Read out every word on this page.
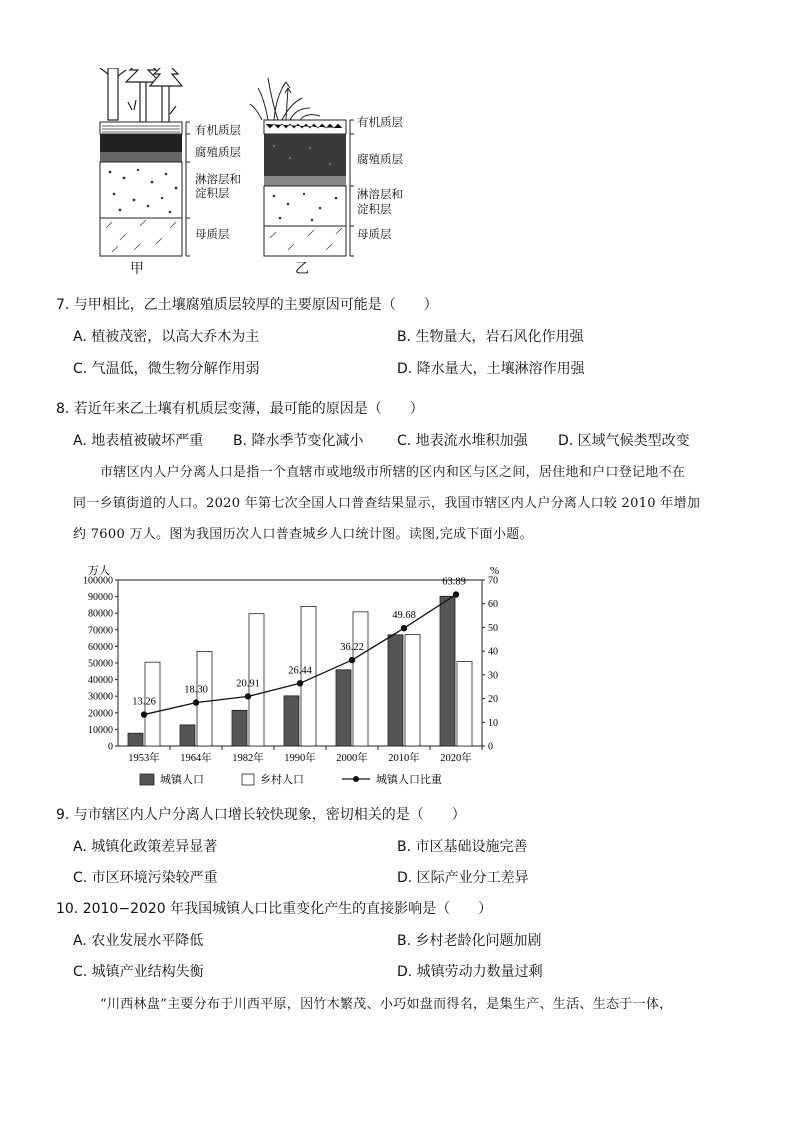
有机质层
腐殖质层
淋溶层和
淀积层
母质层
甲
有机质层
腐殖质层
淋溶层和
淀积层
母质层
乙
7. 与甲相比，乙土壤腐殖质层较厚的主要原因可能是（　　）
A. 植被茂密，以高大乔木为主	B. 生物量大，岩石风化作用强
C. 气温低，微生物分解作用弱	D. 降水量大，土壤淋溶作用强
8. 若近年来乙土壤有机质层变薄，最可能的原因是（　　）
A. 地表植被破坏严重 B. 降水季节变化减小 C. 地表流水堆积加强 D. 区域气候类型改变
市辖区内人户分离人口是指一个直辖市或地级市所辖的区内和区与区之间，居住地和户口登记地不在
同一乡镇街道的人口。2020 年第七次全国人口普查结果显示，我国市辖区内人户分离人口较 2010 年增加
约 7600 万人。图为我国历次人口普查城乡人口统计图。读图,完成下面小题。
万人	%
0
10000
20000
30000
40000
50000
60000
70000
80000
90000
100000
0
10
20
30
40
50
60
70
1953年 1964年 1982年 1990年 2000年 2010年 2020年
13.26
18.30
20.91
26.44
36.22
49.68
63.89
城镇人口	乡村人口	城镇人口比重
9. 与市辖区内人户分离人口增长较快现象，密切相关的是（　　）
A. 城镇化政策差异显著	B. 市区基础设施完善
C. 市区环境污染较严重	D. 区际产业分工差异
10. 2010−2020 年我国城镇人口比重变化产生的直接影响是（　　）
A. 农业发展水平降低	B. 乡村老龄化问题加剧
C. 城镇产业结构失衡	D. 城镇劳动力数量过剩
“川西林盘”主要分布于川西平原，因竹木繁茂、小巧如盘而得名，是集生产、生活、生态于一体，
